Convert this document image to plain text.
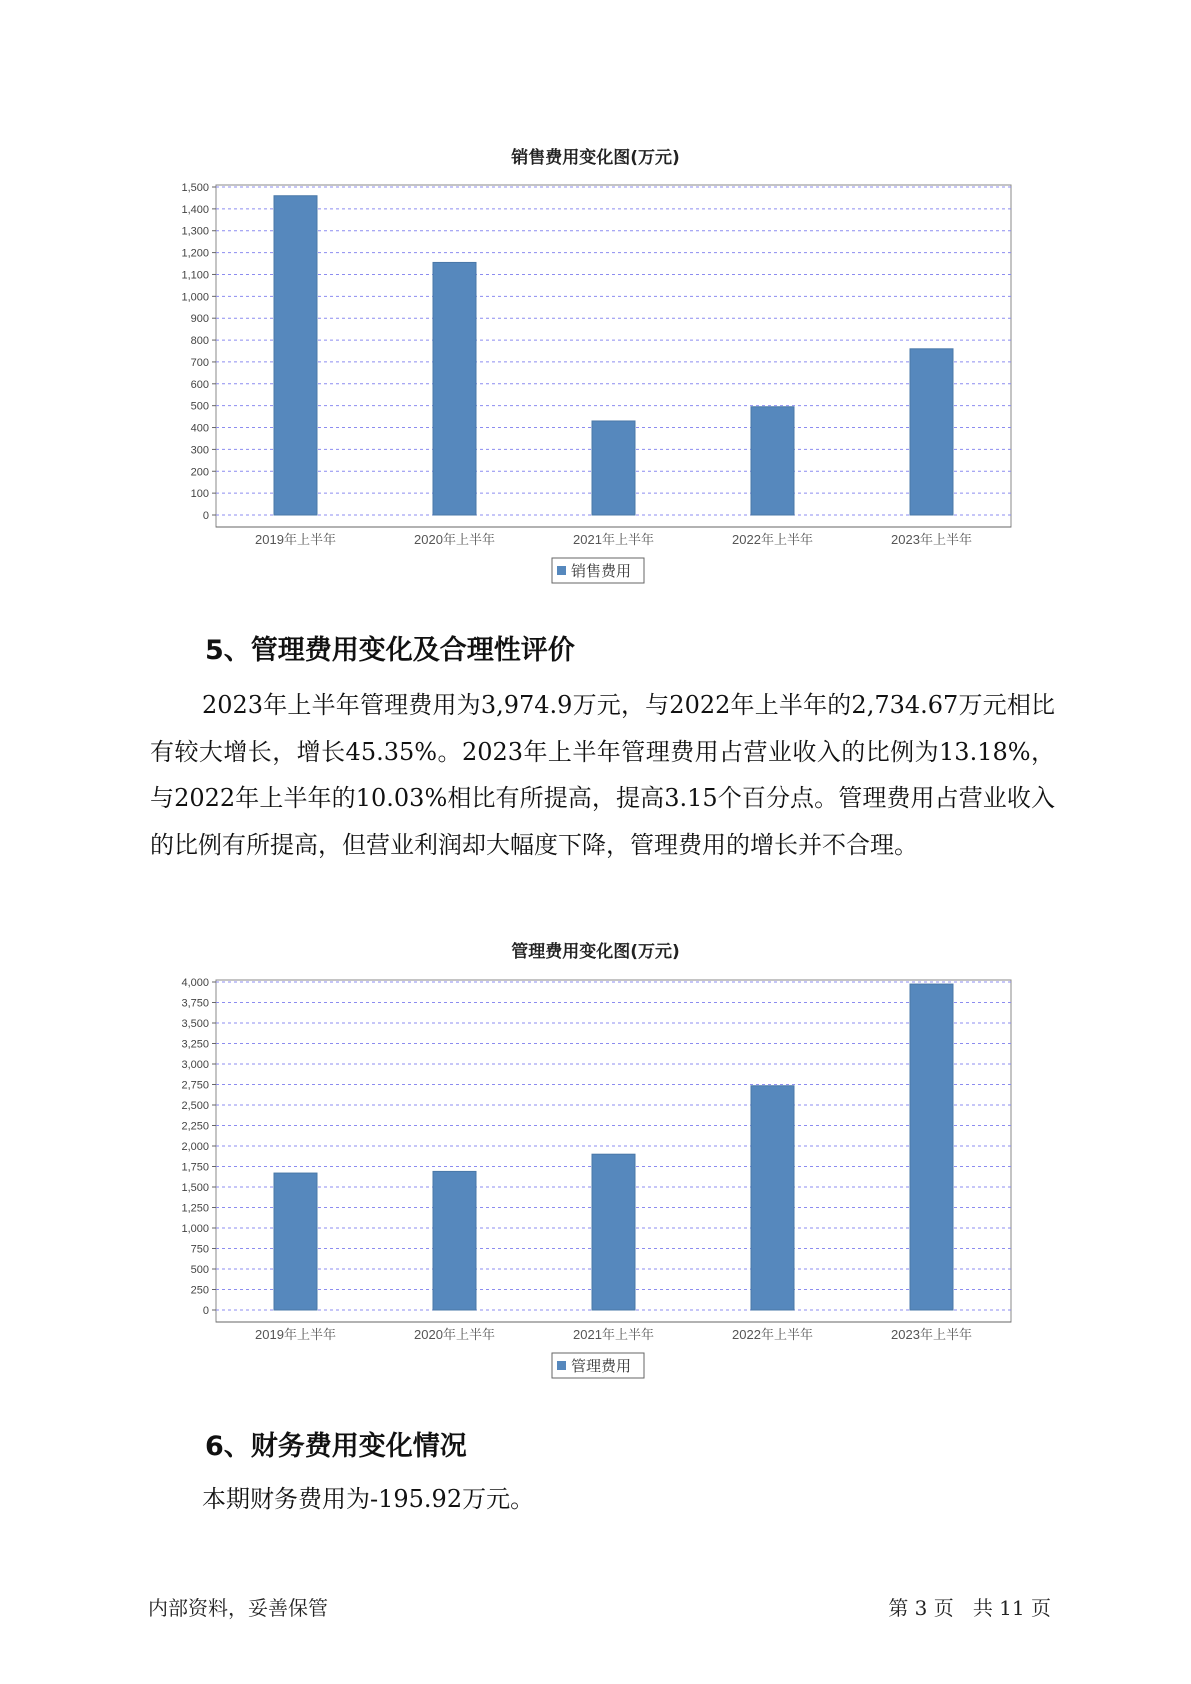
销售费用变化图(万元)
0
100
200
300
400
500
600
700
800
900
1,000
1,100
1,200
1,300
1,400
1,500
2019年上半年	2020年上半年	2021年上半年	2022年上半年	2023年上半年
销售费用
5、管理费用变化及合理性评价

2023年上半年管理费用为3,974.9万元，与2022年上半年的2,734.67万元相比有较大增长，增长45.35%。2023年上半年管理费用占营业收入的比例为13.18%，与2022年上半年的10.03%相比有所提高，提高3.15个百分点。管理费用占营业收入的比例有所提高，但营业利润却大幅度下降，管理费用的增长并不合理。

管理费用变化图(万元)
0
250
500
750
1,000
1,250
1,500
1,750
2,000
2,250
2,500
2,750
3,000
3,250
3,500
3,750
4,000
2019年上半年	2020年上半年	2021年上半年	2022年上半年	2023年上半年
管理费用
6、财务费用变化情况

本期财务费用为-195.92万元。

内部资料，妥善保管	第 3 页   共 11 页
